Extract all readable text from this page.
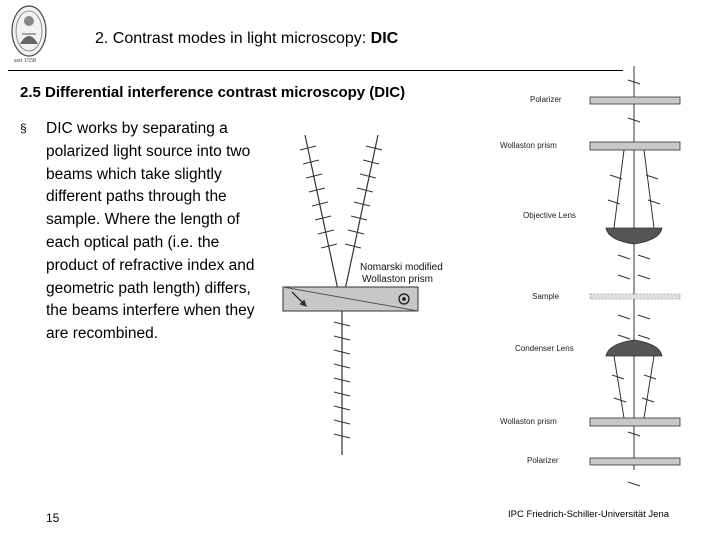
seit 1558
2. Contrast modes in light microscopy: DIC
2.5 Differential interference contrast microscopy (DIC)
§ DIC works by separating a polarized light source into two beams which take slightly different paths through the sample. Where the length of each optical path (i.e. the product of refractive index and geometric path length) differs, the beams interfere when they are recombined.
Nomarski modified
Wollaston prism
Polarizer
Wollaston prism
Objective Lens
Sample
Condenser Lens
Wollaston prism
Polarizer
15	IPC Friedrich-Schiller-Universität Jena
